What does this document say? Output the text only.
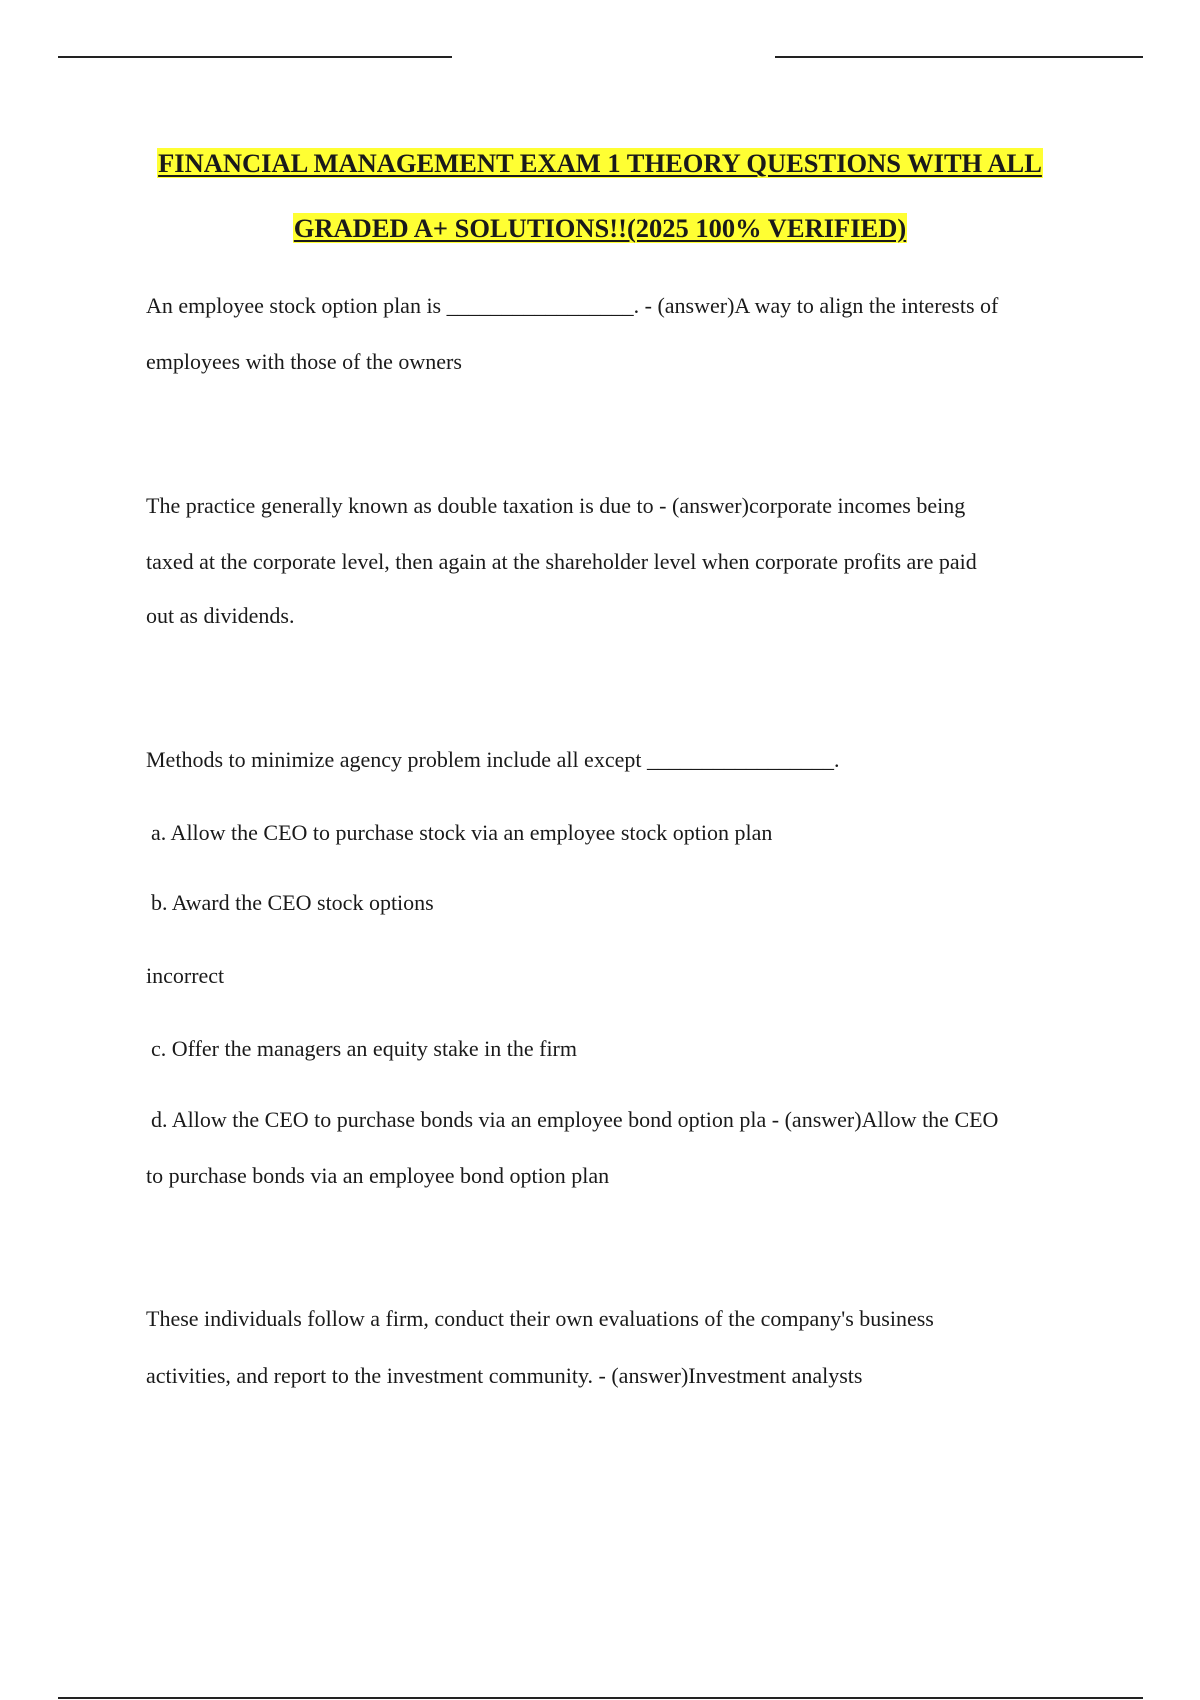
FINANCIAL MANAGEMENT EXAM 1 THEORY QUESTIONS WITH ALL
GRADED A+ SOLUTIONS!!(2025 100% VERIFIED)
An employee stock option plan is _________________. - (answer)A way to align the interests of
employees with those of the owners
The practice generally known as double taxation is due to - (answer)corporate incomes being
taxed at the corporate level, then again at the shareholder level when corporate profits are paid
out as dividends.
Methods to minimize agency problem include all except _________________.
a. Allow the CEO to purchase stock via an employee stock option plan
b. Award the CEO stock options
incorrect
c. Offer the managers an equity stake in the firm
d. Allow the CEO to purchase bonds via an employee bond option pla - (answer)Allow the CEO
to purchase bonds via an employee bond option plan
These individuals follow a firm, conduct their own evaluations of the company's business
activities, and report to the investment community. - (answer)Investment analysts
